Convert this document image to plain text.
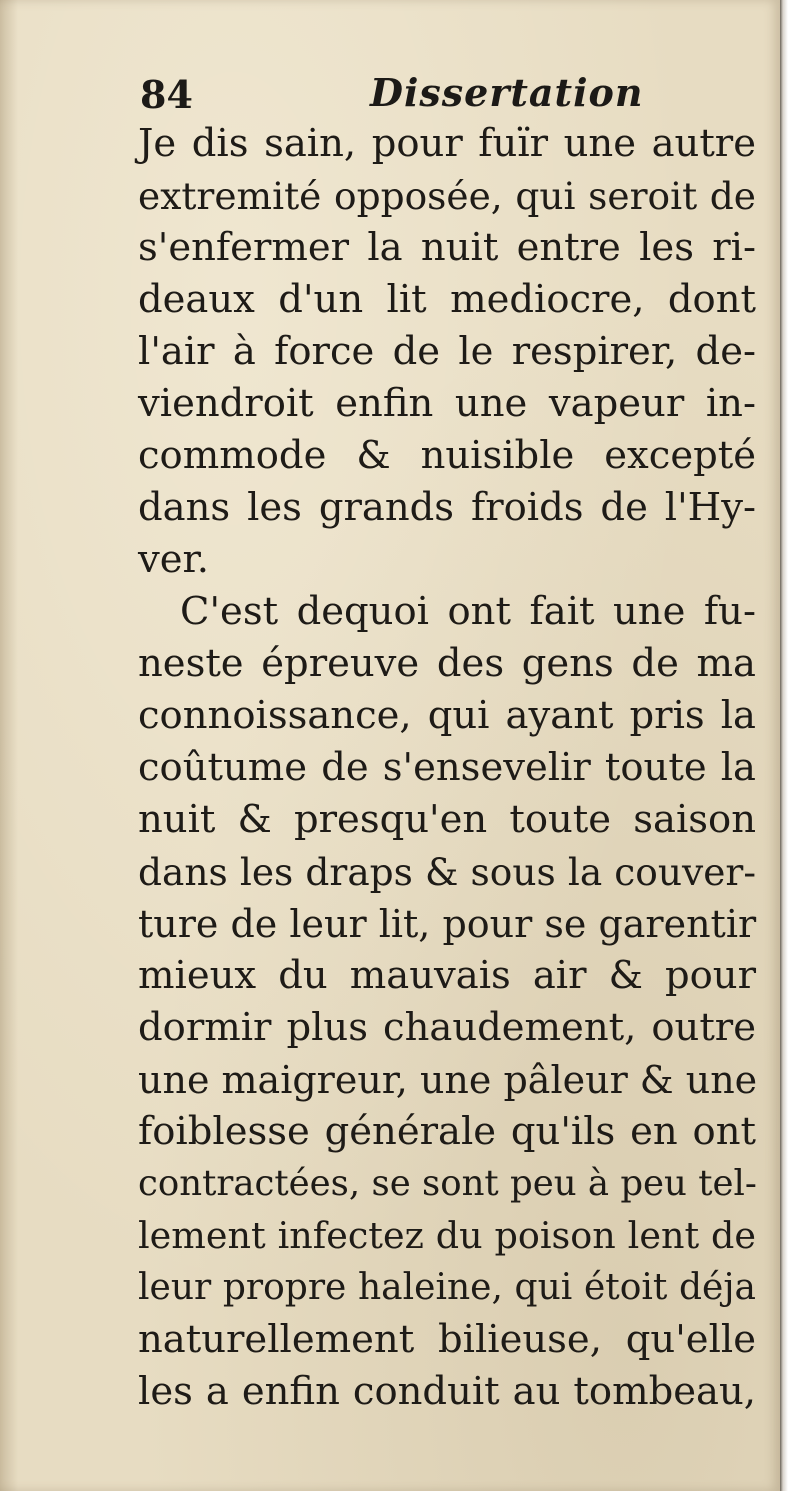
84	Dissertation
Je dis sain, pour fuïr une autre
extremité opposée, qui seroit de
s'enfermer la nuit entre les ri-
deaux d'un lit mediocre, dont
l'air à force de le respirer, de-
viendroit enfin une vapeur in-
commode & nuisible excepté
dans les grands froids de l'Hy-
ver.
C'est dequoi ont fait une fu-
neste épreuve des gens de ma
connoissance, qui ayant pris la
coûtume de s'ensevelir toute la
nuit & presqu'en toute saison
dans les draps & sous la couver-
ture de leur lit, pour se garentir
mieux du mauvais air & pour
dormir plus chaudement, outre
une maigreur, une pâleur & une
foiblesse générale qu'ils en ont
contractées, se sont peu à peu tel-
lement infectez du poison lent de
leur propre haleine, qui étoit déja
naturellement bilieuse, qu'elle
les a enfin conduit au tombeau,
